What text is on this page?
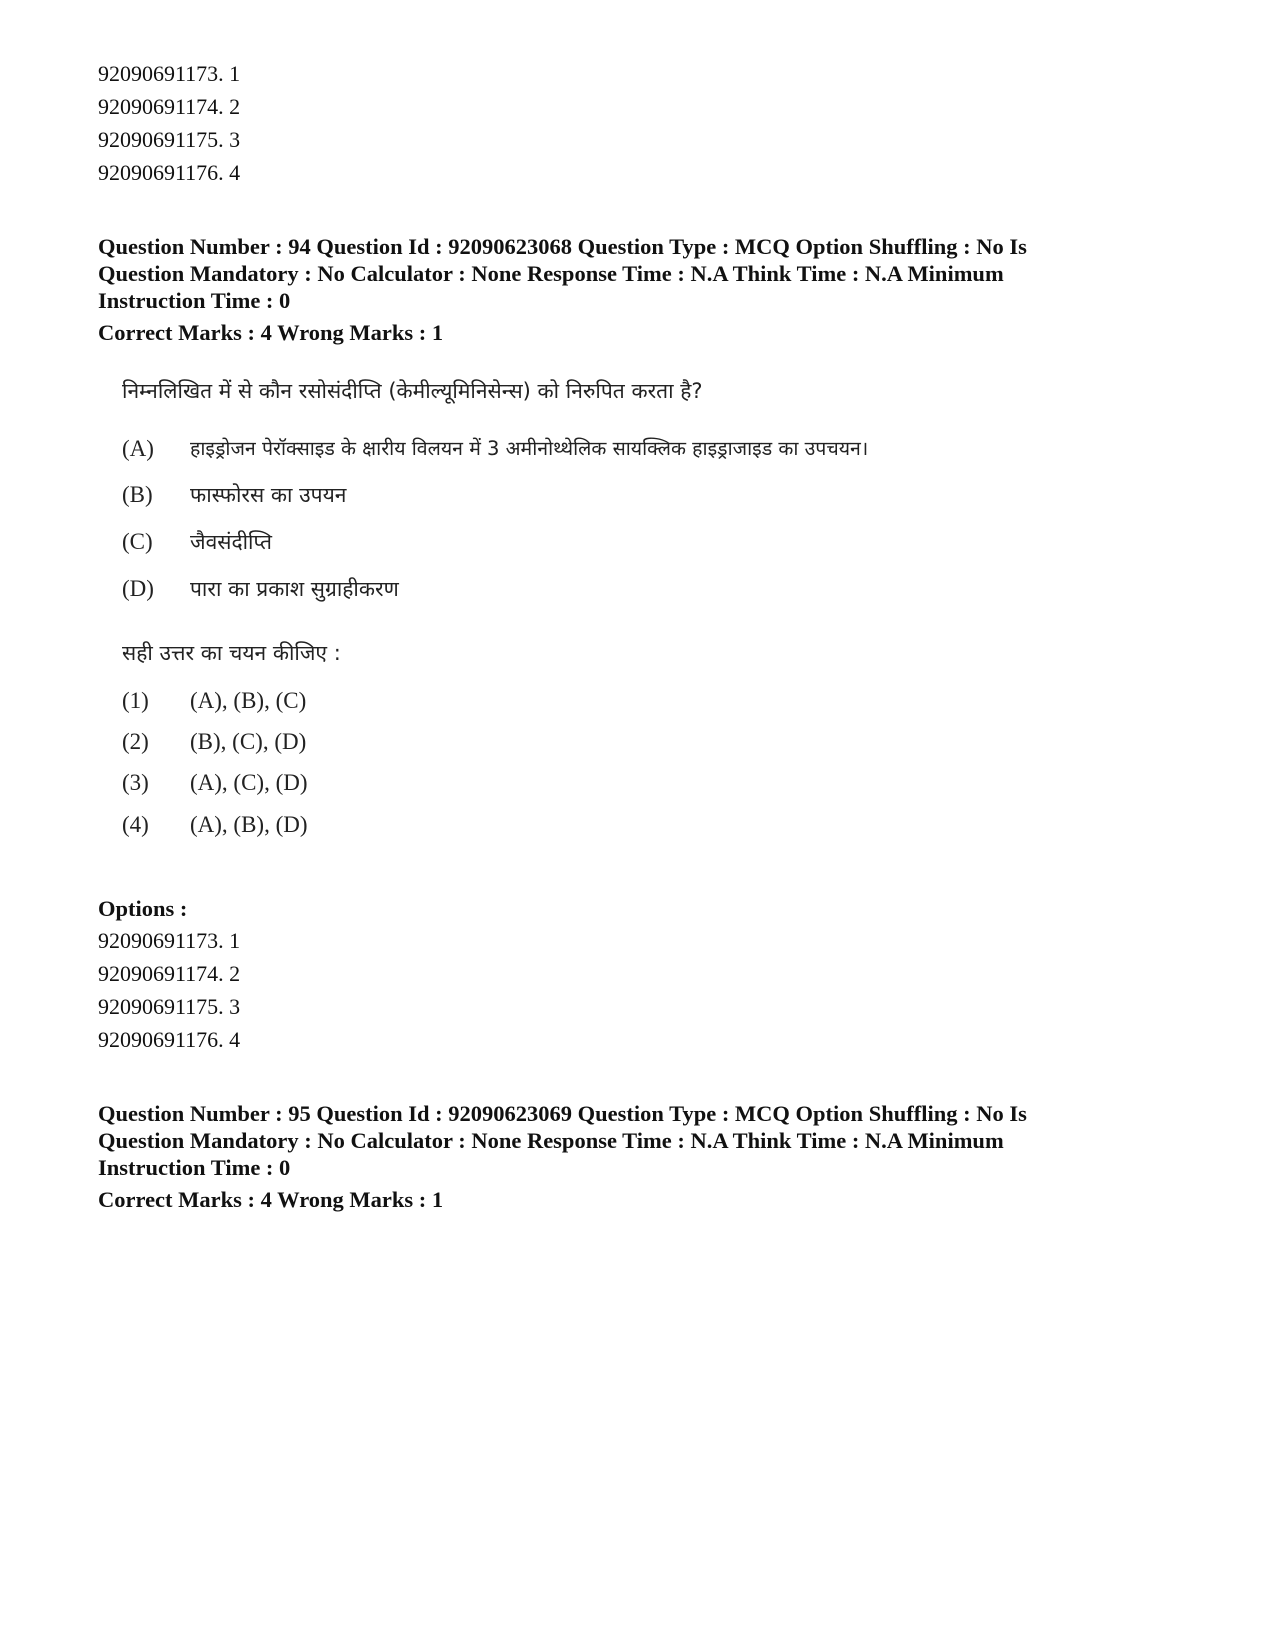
92090691173. 1
92090691174. 2
92090691175. 3
92090691176. 4
Question Number : 94 Question Id : 92090623068 Question Type : MCQ Option Shuffling : No Is
Question Mandatory : No Calculator : None Response Time : N.A Think Time : N.A Minimum
Instruction Time : 0
Correct Marks : 4 Wrong Marks : 1
निम्नलिखित में से कौन रसोसंदीप्ति (केमील्यूमिनिसेन्स) को निरुपित करता है?
(A) हाइड्रोजन पेरॉक्साइड के क्षारीय विलयन में 3 अमीनोथ्थेलिक सायक्लिक हाइड्राजाइड का उपचयन।
(B) फास्फोरस का उपयन
(C) जैवसंदीप्ति
(D) पारा का प्रकाश सुग्राहीकरण
सही उत्तर का चयन कीजिए :
(1) (A), (B), (C)
(2) (B), (C), (D)
(3) (A), (C), (D)
(4) (A), (B), (D)
Options :
92090691173. 1
92090691174. 2
92090691175. 3
92090691176. 4
Question Number : 95 Question Id : 92090623069 Question Type : MCQ Option Shuffling : No Is
Question Mandatory : No Calculator : None Response Time : N.A Think Time : N.A Minimum
Instruction Time : 0
Correct Marks : 4 Wrong Marks : 1
